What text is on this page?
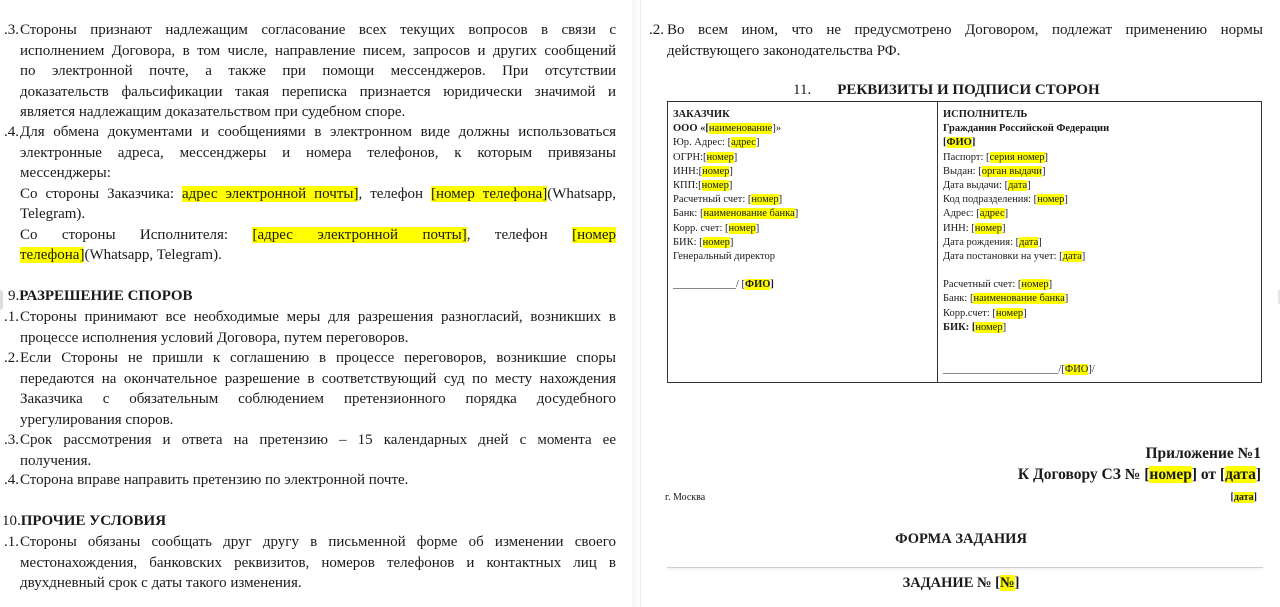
.3. Стороны признают надлежащим согласование всех текущих вопросов в связи с
исполнением Договора, в том числе, направление писем, запросов и других сообщений
по электронной почте, а также при помощи мессенджеров. При отсутствии
доказательств фальсификации такая переписка признается юридически значимой и
является надлежащим доказательством при судебном споре.
.4. Для обмена документами и сообщениями в электронном виде должны использоваться
электронные адреса, мессенджеры и номера телефонов, к которым привязаны
мессенджеры:
Со стороны Заказчика: адрес электронной почты], телефон [номер телефона](Whatsapp,
Telegram).
Со стороны Исполнителя: [адрес электронной почты], телефон [номер
телефона](Whatsapp, Telegram).
9.РАЗРЕШЕНИЕ СПОРОВ
.1. Стороны принимают все необходимые меры для разрешения разногласий, возникших в
процессе исполнения условий Договора, путем переговоров.
.2. Если Стороны не пришли к соглашению в процессе переговоров, возникшие споры
передаются на окончательное разрешение в соответствующий суд по месту нахождения
Заказчика с обязательным соблюдением претензионного порядка досудебного
урегулирования споров.
.3. Срок рассмотрения и ответа на претензию – 15 календарных дней с момента ее
получения.
.4. Сторона вправе направить претензию по электронной почте.
10.ПРОЧИЕ УСЛОВИЯ
.1. Стороны обязаны сообщать друг другу в письменной форме об изменении своего
местонахождения, банковских реквизитов, номеров телефонов и контактных лиц в
двухдневный срок с даты такого изменения.
.2. Во всем ином, что не предусмотрено Договором, подлежат применению нормы
действующего законодательства РФ.
11. РЕКВИЗИТЫ И ПОДПИСИ СТОРОН
ЗАКАЗЧИК
ООО «[наименование]»
Юр. Адрес: [адрес]
ОГРН:[номер]
ИНН:[номер]
КПП:[номер]
Расчетный счет: [номер]
Банк: [наименование банка]
Корр. счет: [номер]
БИК: [номер]
Генеральный директор
____________/ [ФИО]
ИСПОЛНИТЕЛЬ
Гражданин Российской Федерации
[ФИО]
Паспорт: [серия номер]
Выдан: [орган выдачи]
Дата выдачи: [дата]
Код подразделения: [номер]
Адрес: [адрес]
ИНН: [номер]
Дата рождения: [дата]
Дата постановки на учет: [дата]
Расчетный счет: [номер]
Банк: [наименование банка]
Корр.счет: [номер]
БИК: [номер]
______________________/[ФИО]/
Приложение №1
К Договору СЗ № [номер] от [дата]
г. Москва	[дата]
ФОРМА ЗАДАНИЯ
ЗАДАНИЕ № [№]
